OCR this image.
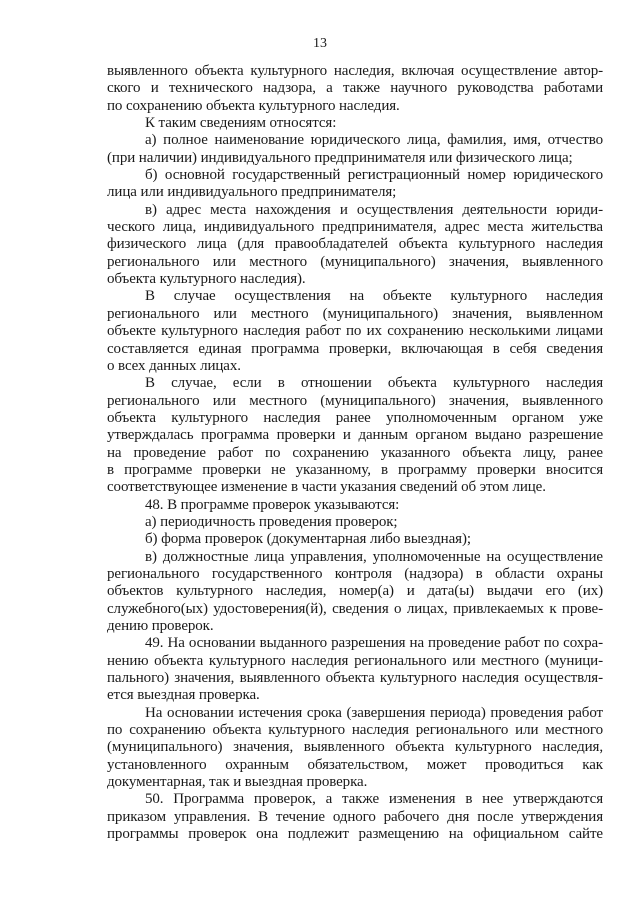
13

выявленного объекта культурного наследия, включая осуществление автор-

ского и технического надзора, а также научного руководства работами

по сохранению объекта культурного наследия.

К таким сведениям относятся:

а) полное наименование юридического лица, фамилия, имя, отчество

(при наличии) индивидуального предпринимателя или физического лица;

б) основной государственный регистрационный номер юридического

лица или индивидуального предпринимателя;

в) адрес места нахождения и осуществления деятельности юриди-

ческого лица, индивидуального предпринимателя, адрес места жительства

физического лица (для правообладателей объекта культурного наследия

регионального или местного (муниципального) значения, выявленного

объекта культурного наследия).

В случае осуществления на объекте культурного наследия

регионального или местного (муниципального) значения, выявленном

объекте культурного наследия работ по их сохранению несколькими лицами

составляется единая программа проверки, включающая в себя сведения

о всех данных лицах.

В случае, если в отношении объекта культурного наследия

регионального или местного (муниципального) значения, выявленного

объекта культурного наследия ранее уполномоченным органом уже

утверждалась программа проверки и данным органом выдано разрешение

на проведение работ по сохранению указанного объекта лицу, ранее

в программе проверки не указанному, в программу проверки вносится

соответствующее изменение в части указания сведений об этом лице.

48. В программе проверок указываются:

а) периодичность проведения проверок;

б) форма проверок (документарная либо выездная);

в) должностные лица управления, уполномоченные на осуществление

регионального государственного контроля (надзора) в области охраны

объектов культурного наследия, номер(а) и дата(ы) выдачи его (их)

служебного(ых) удостоверения(й), сведения о лицах, привлекаемых к прове-

дению проверок.

49. На основании выданного разрешения на проведение работ по сохра-

нению объекта культурного наследия регионального или местного (муници-

пального) значения, выявленного объекта культурного наследия осуществля-

ется выездная проверка.

На основании истечения срока (завершения периода) проведения работ

по сохранению объекта культурного наследия регионального или местного

(муниципального) значения, выявленного объекта культурного наследия,

установленного охранным обязательством, может проводиться как

документарная, так и выездная проверка.

50. Программа проверок, а также изменения в нее утверждаются

приказом управления. В течение одного рабочего дня после утверждения

программы проверок она подлежит размещению на официальном сайте
